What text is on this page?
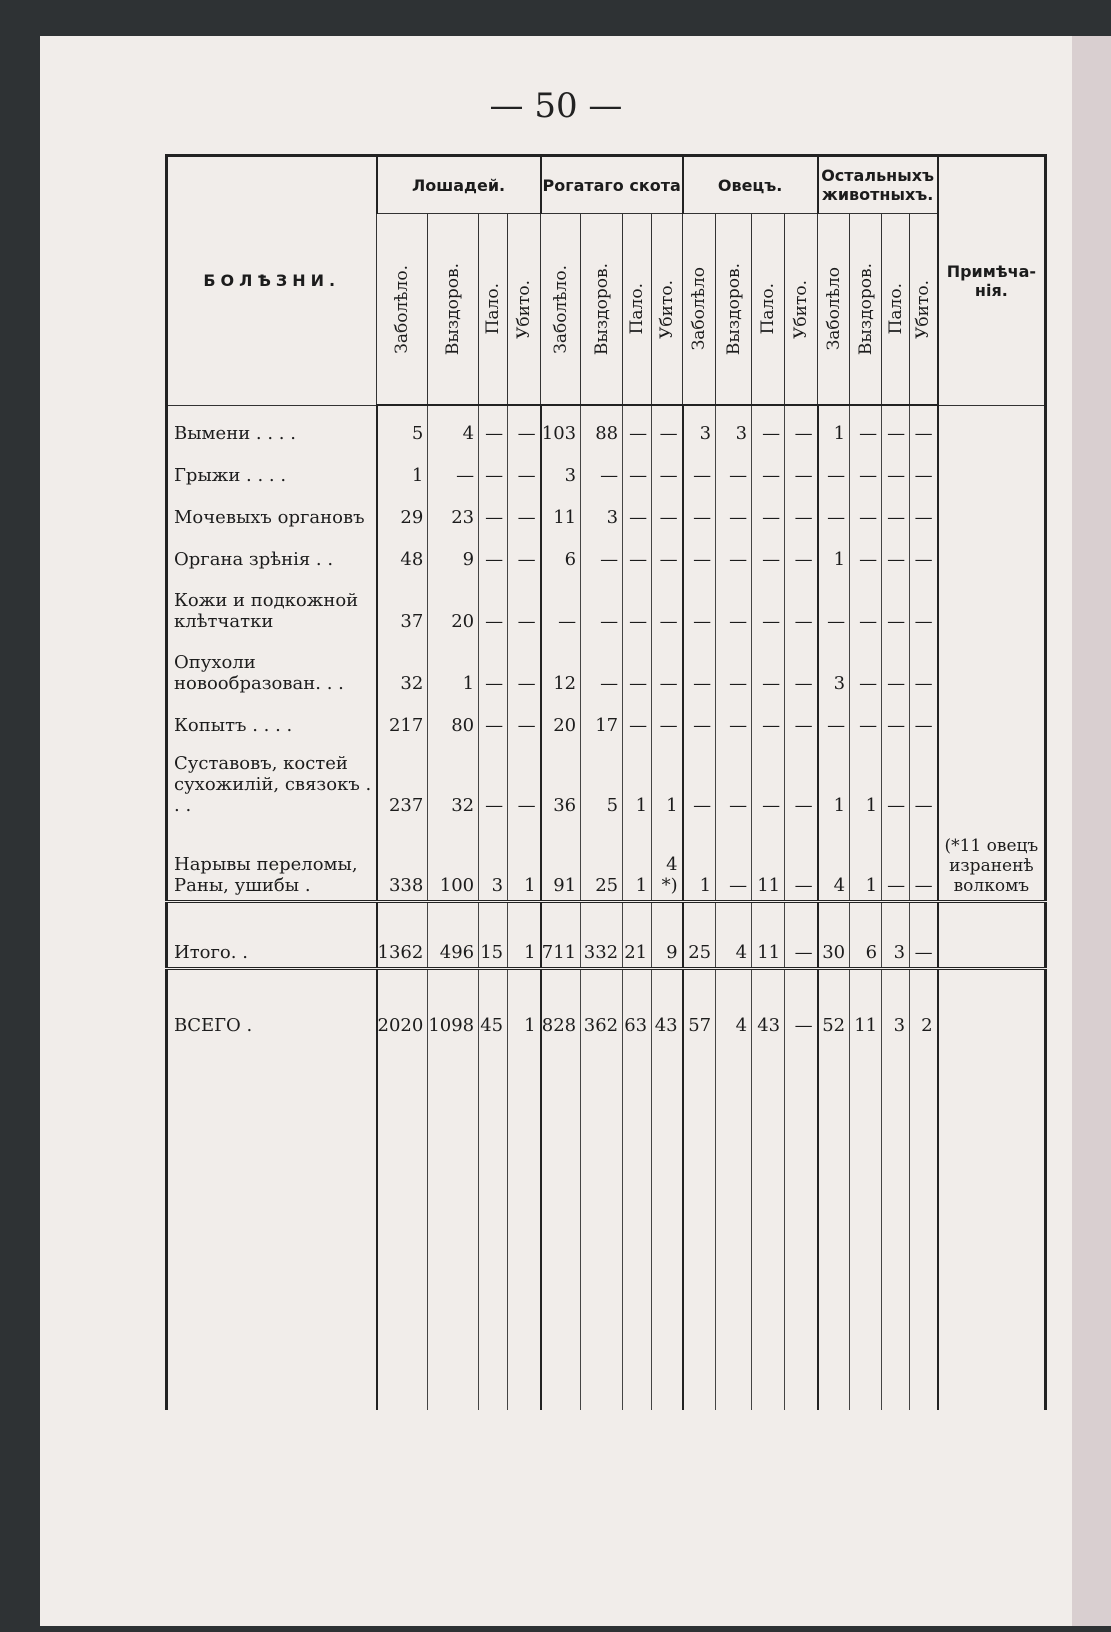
— 50 —
БОЛѢЗНИ.	Лошадей.				Рогатаго скота				Овецъ.				Остальныхъ животныхъ.				Примѣча-
нія.

	Заболѣло.	Выздоров.	Пало.	Убито.	Заболѣло.	Выздоров.	Пало.	Убито.	Заболѣло	Выздоров.	Пало.	Убито.	Заболѣло	Выздоров.	Пало.	Убито.	

Вымени . . . .	5	4	—	—	103	88	—	—	3	3	—	—	1	—	—	—	
Грыжи . . . .	1	—	—	—	3	—	—	—	—	—	—	—	—	—	—	—	
Мочевыхъ органовъ	29	23	—	—	11	3	—	—	—	—	—	—	—	—	—	—	
Органа зрѣнія . .	48	9	—	—	6	—	—	—	—	—	—	—	1	—	—	—	
Кожи и подкожной клѣтчатки	37	20	—	—	—	—	—	—	—	—	—	—	—	—	—	—	
Опухоли новообразован. . .	32	1	—	—	12	—	—	—	—	—	—	—	3	—	—	—	
Копытъ . . . .	217	80	—	—	20	17	—	—	—	—	—	—	—	—	—	—	
Суставовъ, костей сухожилій, связокъ . . .	237	32	—	—	36	5	1	1	—	—	—	—	1	1	—	—	
Нарывы переломы, Раны, ушибы .	338	100	3	1	91	25	1	4 *)	1	—	11	—	4	1	—	—	(*11 овецъ израненѣ волкомъ
Итого. .	1362	496	15	1	711	332	21	9	25	4	11	—	30	6	3	—	
ВСЕГО .	2020	1098	45	1	828	362	63	43	57	4	43	—	52	11	3	2	
